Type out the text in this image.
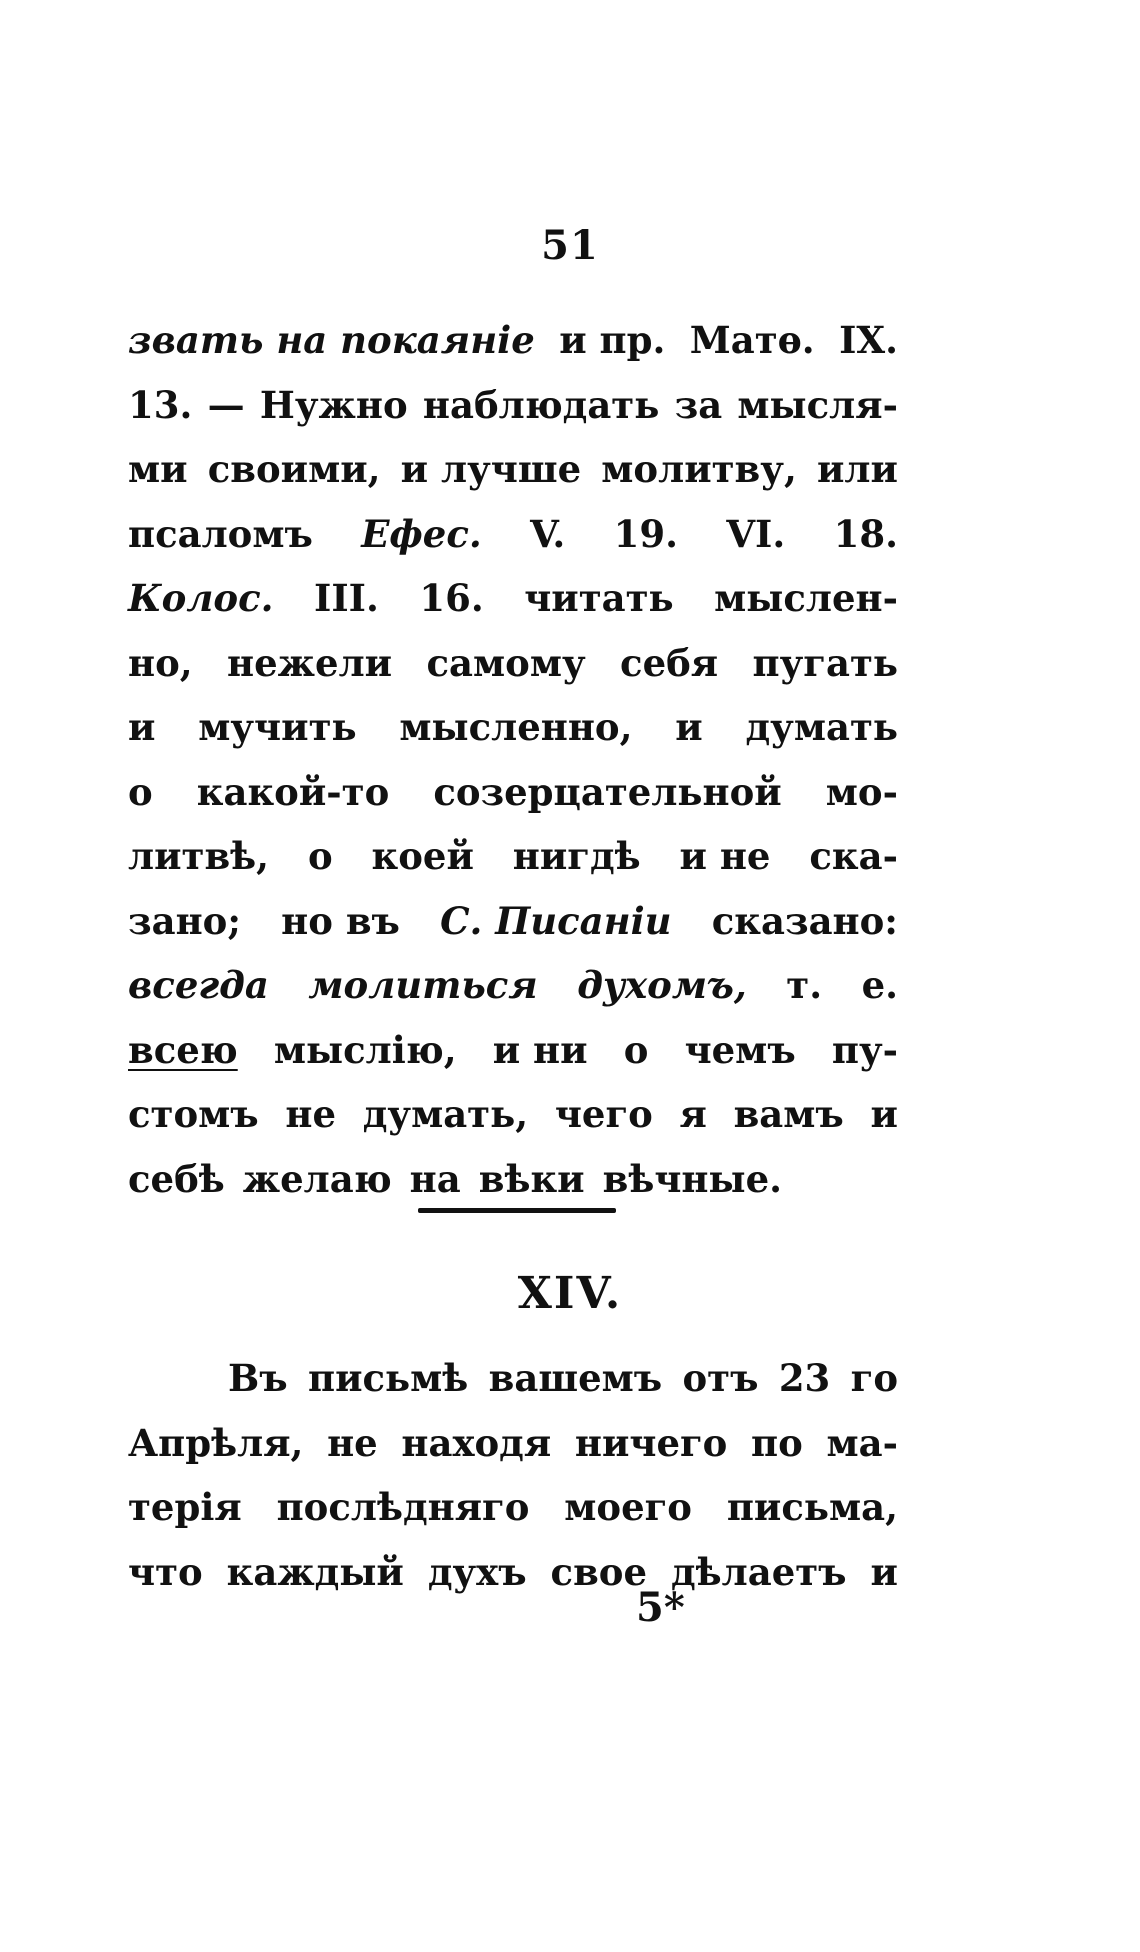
51
звать на покаяніе и пр. Матѳ. IX.
13. — Нужно наблюдать за мысля-
ми своими, и лучше молитву, или
псаломъ Ефес. V. 19. VI. 18.
Колос. III. 16. читать мыслен-
но, нежели самому себя пугать
и мучить мысленно, и думать
о какой-то созерцательной мо-
литвѣ, о коей нигдѣ и не ска-
зано; но въ С. Писаніи сказано:
всегда молиться духомъ, т. е.
всею мыслію, и ни о чемъ пу-
стомъ не думать, чего я вамъ и
себѣ желаю на вѣки вѣчные.
XIV.
Въ письмѣ вашемъ отъ 23 го
Апрѣля, не находя ничего по ма-
терія послѣдняго моего письма,
что каждый духъ свое дѣлаетъ и
5*
